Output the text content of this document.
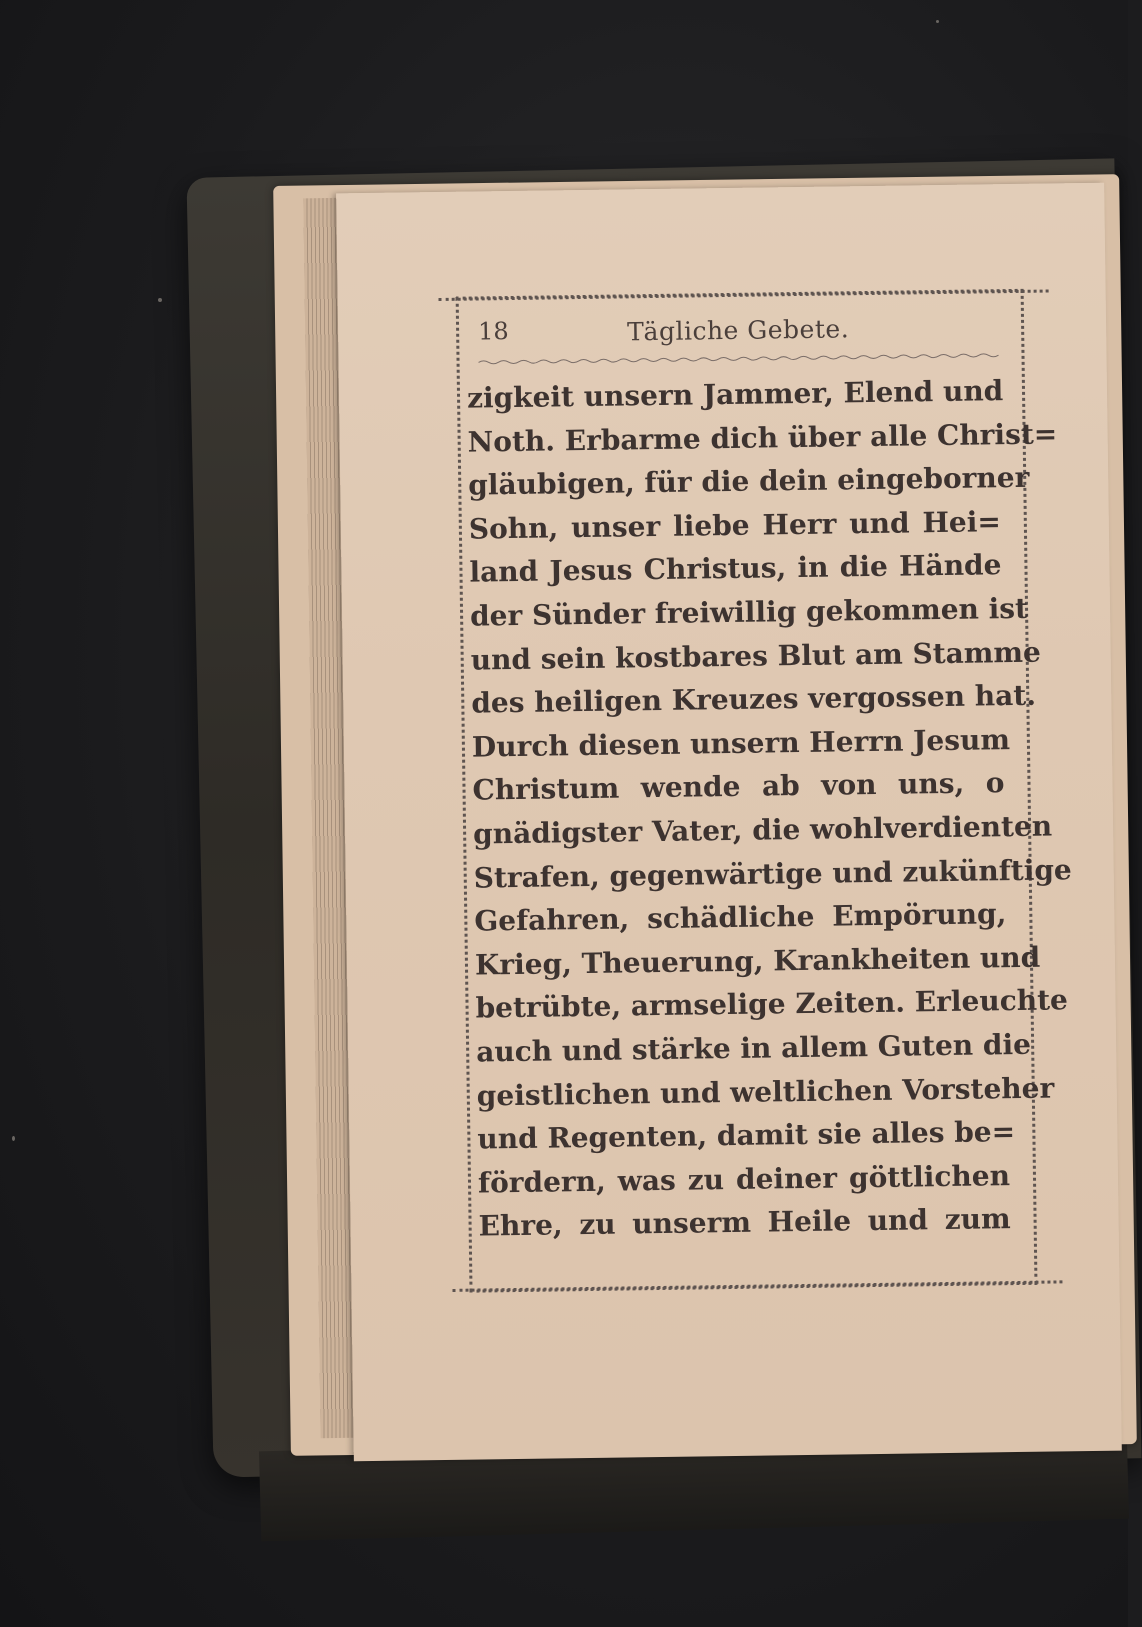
18	Tägliche Gebete.
zigkeit unsern Jammer, Elend und
Noth. Erbarme dich über alle Christ=
gläubigen, für die dein eingeborner
Sohn, unser liebe Herr und Hei=
land Jesus Christus, in die Hände
der Sünder freiwillig gekommen ist
und sein kostbares Blut am Stamme
des heiligen Kreuzes vergossen hat.
Durch diesen unsern Herrn Jesum
Christum wende ab von uns, o
gnädigster Vater, die wohlverdienten
Strafen, gegenwärtige und zukünftige
Gefahren, schädliche Empörung,
Krieg, Theuerung, Krankheiten und
betrübte, armselige Zeiten. Erleuchte
auch und stärke in allem Guten die
geistlichen und weltlichen Vorsteher
und Regenten, damit sie alles be=
fördern, was zu deiner göttlichen
Ehre, zu unserm Heile und zum
